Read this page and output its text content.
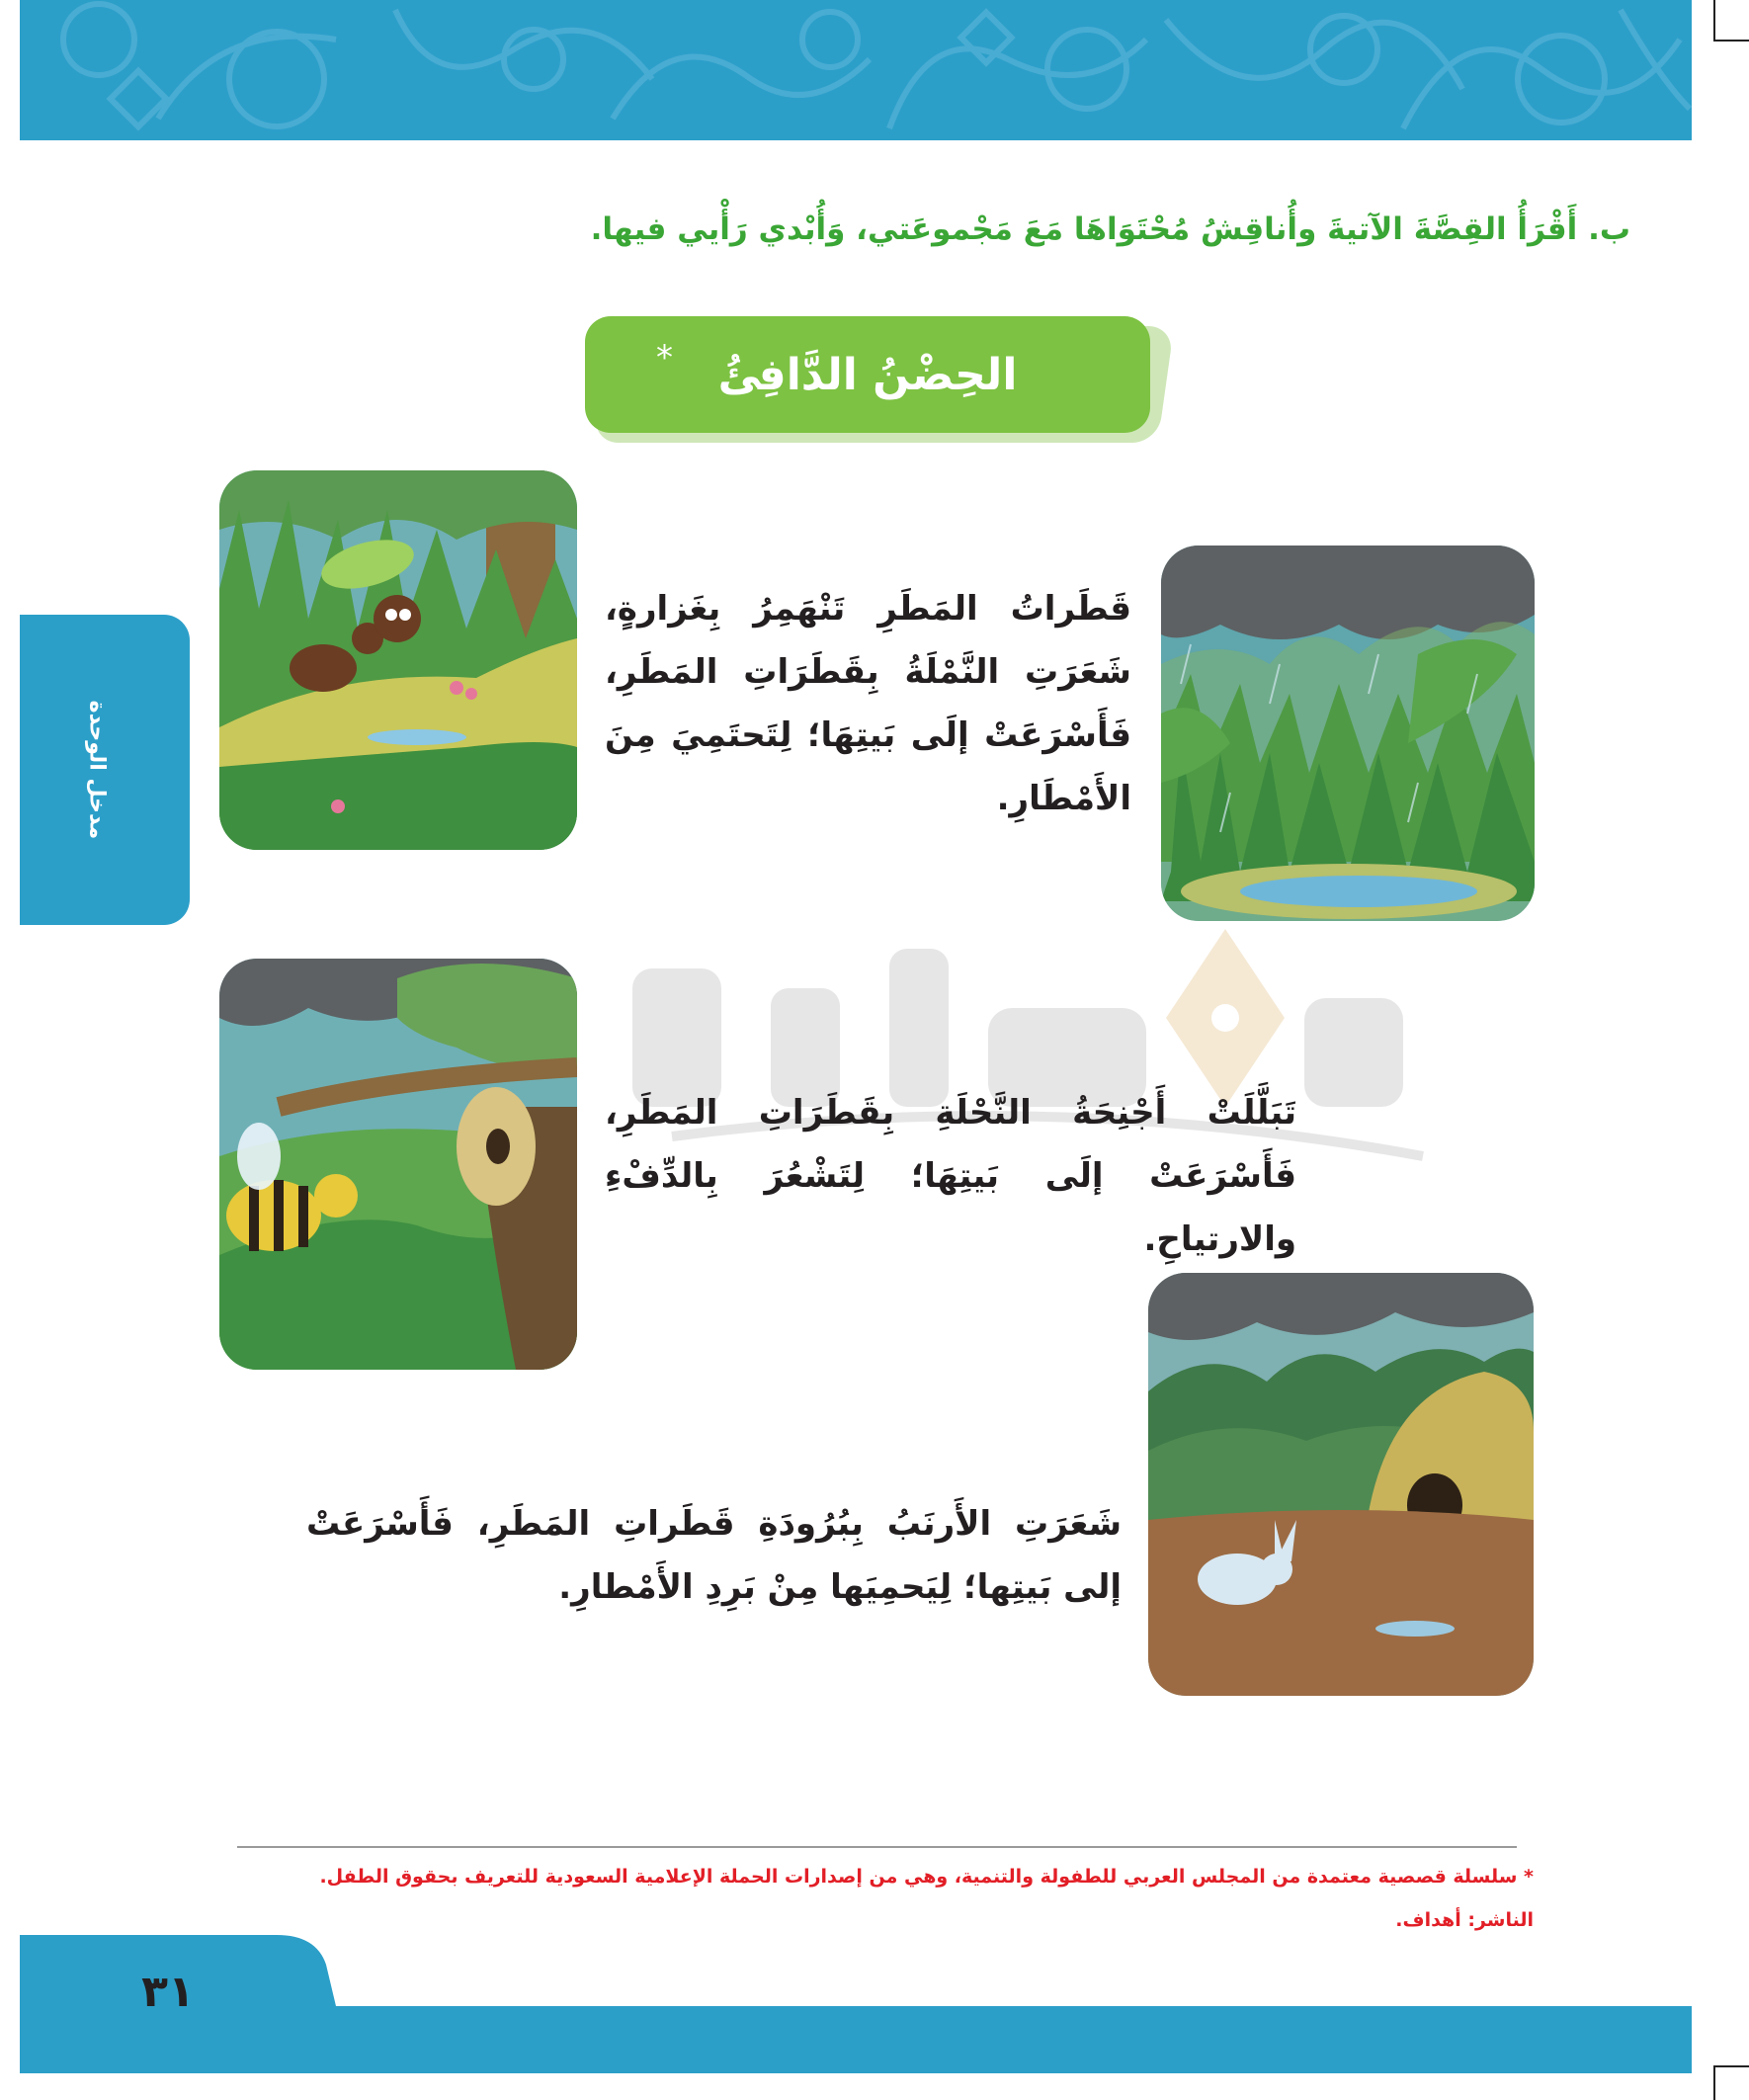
ب. أَقْرَأُ القِصَّةَ الآتيةَ وأُناقِشُ مُحْتَوَاهَا مَعَ مَجْموعَتي، وَأُبْدي رَأْيي فيها.
الحِضْنُ الدَّافِئُ
*
مدخل الوحدة
قَطَراتُ المَطَرِ تَنْهَمِرُ بِغَزارةٍ، شَعَرَتِ النَّمْلَةُ بِقَطَرَاتِ المَطَرِ، فَأَسْرَعَتْ إلَى بَيتِهَا؛ لِتَحتَمِيَ مِنَ الأَمْطَارِ.
تَبَلَّلَتْ أَجْنِحَةُ النَّحْلَةِ بِقَطَرَاتِ المَطَرِ، فَأَسْرَعَتْ إلَى بَيتِهَا؛ لِتَشْعُرَ بِالدِّفْءِ والارتياحِ.
شَعَرَتِ الأَرنَبُ بِبُرُودَةِ قَطَراتِ المَطَرِ، فَأَسْرَعَتْ إلى بَيتِها؛ لِيَحمِيَها مِنْ بَرِدِ الأَمْطارِ.

* سلسلة قصصية معتمدة من المجلس العربي للطفولة والتنمية، وهي من إصدارات الحملة الإعلامية السعودية للتعريف بحقوق الطفل.

الناشر: أهداف.

٣١
